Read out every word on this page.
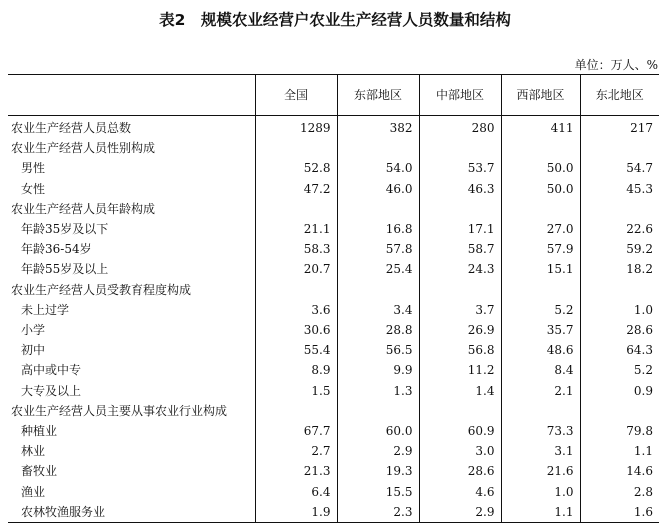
表2　规模农业经营户农业生产经营人员数量和结构
单位：万人、%
	全国	东部地区	中部地区	西部地区	东北地区
农业生产经营人员总数	1289	382	280	411	217
农业生产经营人员性别构成					
男性	52.8	54.0	53.7	50.0	54.7
女性	47.2	46.0	46.3	50.0	45.3
农业生产经营人员年龄构成					
年龄35岁及以下	21.1	16.8	17.1	27.0	22.6
年龄36-54岁	58.3	57.8	58.7	57.9	59.2
年龄55岁及以上	20.7	25.4	24.3	15.1	18.2
农业生产经营人员受教育程度构成					
未上过学	3.6	3.4	3.7	5.2	1.0
小学	30.6	28.8	26.9	35.7	28.6
初中	55.4	56.5	56.8	48.6	64.3
高中或中专	8.9	9.9	11.2	8.4	5.2
大专及以上	1.5	1.3	1.4	2.1	0.9
农业生产经营人员主要从事农业行业构成					
种植业	67.7	60.0	60.9	73.3	79.8
林业	2.7	2.9	3.0	3.1	1.1
畜牧业	21.3	19.3	28.6	21.6	14.6
渔业	6.4	15.5	4.6	1.0	2.8
农林牧渔服务业	1.9	2.3	2.9	1.1	1.6
